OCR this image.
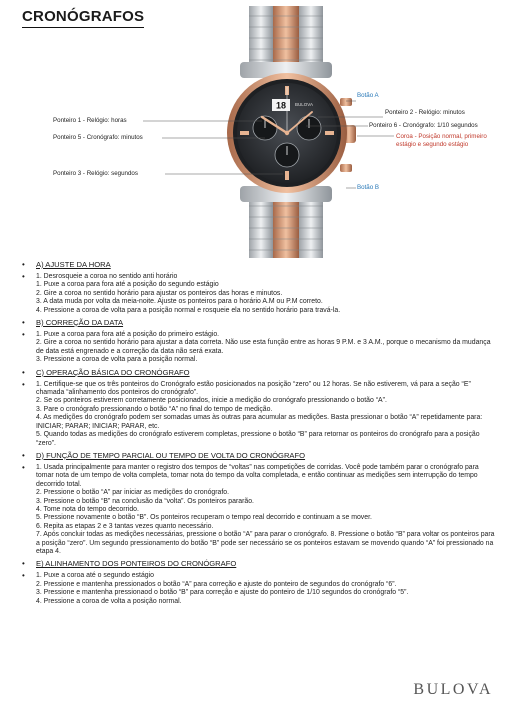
CRONÓGRAFOS
18 BULOVA
Ponteiro 1 - Relógio: horas
Ponteiro 5 - Cronógrafo: minutos
Ponteiro 3 - Relógio: segundos
Botão A
Ponteiro 2 - Relógio: minutos
Ponteiro 6 - Cronógrafo: 1/10 segundos
Coroa - Posição normal, primeiro
estágio e segundo estágio
Botão B
• A) AJUSTE DA HORA
• 1. Desrosqueie a coroa no sentido anti horário

1. Puxe a coroa para fora até a posição do segundo estágio

2. Gire a coroa no sentido horário para ajustar os ponteiros das horas e minutos.

3. A data muda por volta da meia-noite. Ajuste os ponteiros para o horário A.M ou P.M correto.

4. Pressione a coroa de volta para a posição normal e rosqueie ela no sentido horário para travá-la.

• B) CORREÇÃO DA DATA
• 1. Puxe a coroa para fora até a posição do primeiro estágio.

2. Gire a coroa no sentido horário para ajustar a data correta. Não use esta função entre as horas 9 P.M. e 3 A.M., porque o mecanismo da mudança de data está engrenado e a correção da data não será exata.

3. Pressione a coroa de volta para a posição normal.

• C) OPERAÇÃO BÁSICA DO CRONÓGRAFO
• 1. Certifique-se que os três ponteiros do Cronógrafo estão posicionados na posição “zero” ou 12 horas. Se não estiverem, vá para a seção “E” chamada “alinhamento dos ponteiros do cronógrafo”.

2. Se os ponteiros estiverem corretamente posicionados, inicie a medição do cronógrafo pressionando o botão “A”.

3. Pare o cronógrafo pressionando o botão “A” no final do tempo de medição.

4. As medições do cronógrafo podem ser somadas umas às outras para acumular as medições. Basta pressionar o botão “A” repetidamente para: INICIAR; PARAR; INICIAR; PARAR, etc.

5. Quando todas as medições do cronógrafo estiverem completas, pressione o botão “B” para retornar os ponteiros do cronógrafo para a posição “zero”.

• D) FUNÇÃO DE TEMPO PARCIAL OU TEMPO DE VOLTA DO CRONÓGRAFO
• 1. Usada principalmente para manter o registro dos tempos de “voltas” nas competições de corridas. Você pode também parar o cronógrafo para tomar nota de um tempo de volta completa, tomar nota do tempo da volta completada, e então continuar as medições sem interrupção do tempo decorrido total.

2. Pressione o botão “A” par iniciar as medições do cronógrafo.

3. Pressione o botão “B” na conclusão da “volta”. Os ponteiros pararão.

4. Tome nota do tempo decorrido.

5. Pressione novamente o botão “B”. Os ponteiros recuperam o tempo real decorrido e continuam a se mover.

6. Repita as etapas 2 e 3 tantas vezes quanto necessário.

7. Após concluir todas as medições necessárias, pressione o botão “A” para parar o cronógrafo. 8. Pressione o botão “B” para voltar os ponteiros para a posição “zero”. Um segundo pressionamento do botão “B” pode ser necessário se os ponteiros estavam se movendo quando “A” foi pressionado na etapa 4.

• E) ALINHAMENTO DOS PONTEIROS DO CRONÓGRAFO
• 1. Puxe a coroa até o segundo estágio

2. Pressione e mantenha pressionados o botão “A” para correção e ajuste do ponteiro de segundos do cronógrafo “6”.

3. Pressione e mantenha pressionaod o botão “B” para correção e ajuste do ponteiro de 1/10 segundos do cronógrafo “5”.

4. Pressione a coroa de volta a posição normal.

BULOVA
